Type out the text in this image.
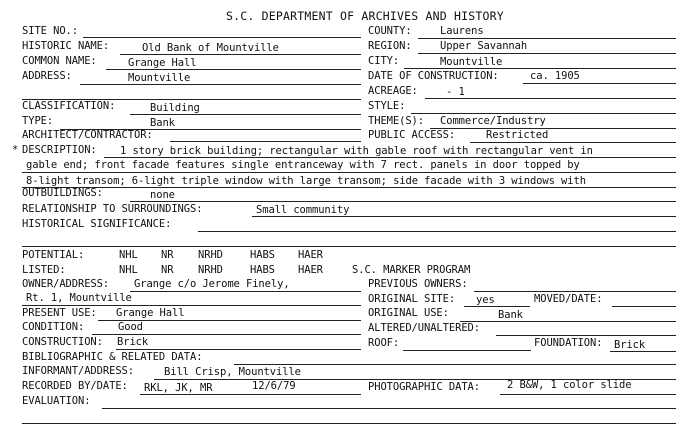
S.C. DEPARTMENT OF ARCHIVES AND HISTORY
SITE NO.:
HISTORIC NAME:	Old Bank of Mountville
COMMON NAME:	Grange Hall
ADDRESS:	Mountville
CLASSIFICATION:	Building
TYPE:	Bank
ARCHITECT/CONTRACTOR:
COUNTY:	Laurens
REGION:	Upper Savannah
CITY:	Mountville
DATE OF CONSTRUCTION:	ca. 1905
ACREAGE:	- 1
STYLE:
THEME(S): Commerce/Industry
PUBLIC ACCESS:	Restricted
* DESCRIPTION: 1 story brick building; rectangular with gable roof with rectangular vent in
gable end; front facade features single entranceway with 7 rect. panels in door topped by
8-light transom; 6-light triple window with large transom; side facade with 3 windows with
OUTBUILDINGS:	none
RELATIONSHIP TO SURROUNDINGS:	Small community
HISTORICAL SIGNIFICANCE:
POTENTIAL:	NHL NR NRHD	HABS HAER
LISTED:	NHL NR NRHD	HABS HAER	S.C. MARKER PROGRAM
OWNER/ADDRESS: Grange c/o Jerome Finely,
Rt. 1, Mountville
PREVIOUS OWNERS:
ORIGINAL SITE: yes	MOVED/DATE:
PRESENT USE: Grange Hall	ORIGINAL USE:	Bank
CONDITION:	Good	ALTERED/UNALTERED:
CONSTRUCTION: Brick	ROOF:	FOUNDATION: Brick
BIBLIOGRAPHIC & RELATED DATA:
INFORMANT/ADDRESS:	Bill Crisp, Mountville
RECORDED BY/DATE: RKL, JK, MR	12/6/79	PHOTOGRAPHIC DATA:	2 B&W, 1 color slide
EVALUATION:
